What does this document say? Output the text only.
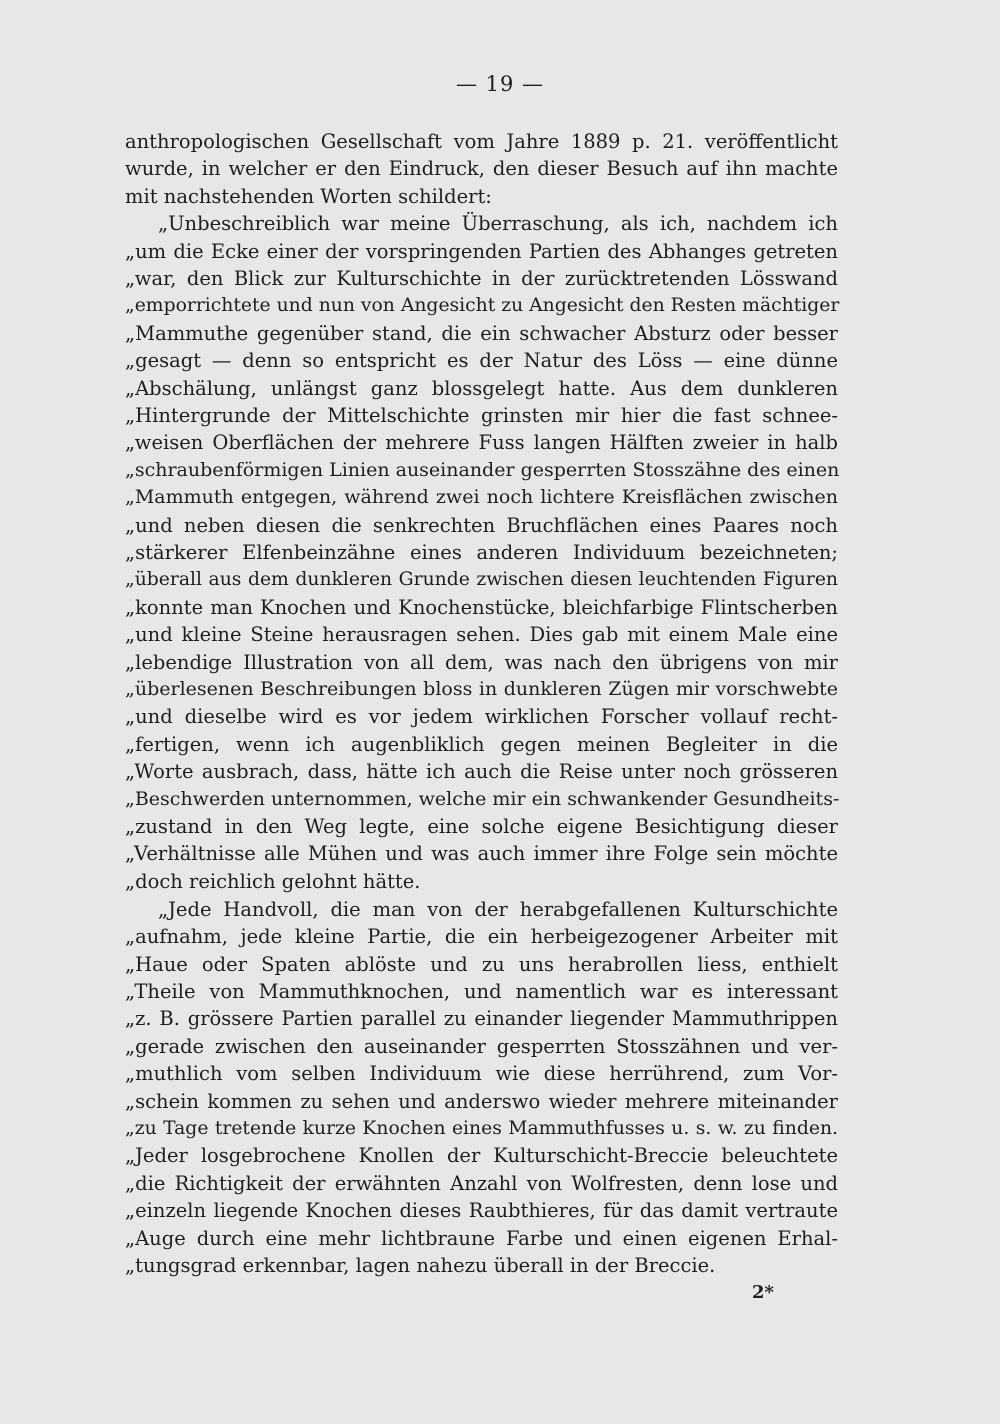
— 19 —
anthropologischen Gesellschaft vom Jahre 1889 p. 21. veröffentlicht
wurde, in welcher er den Eindruck, den dieser Besuch auf ihn machte
mit nachstehenden Worten schildert:
„Unbeschreiblich war meine Überraschung, als ich, nachdem ich
„um die Ecke einer der vorspringenden Partien des Abhanges getreten
„war, den Blick zur Kulturschichte in der zurücktretenden Lösswand
„emporrichtete und nun von Angesicht zu Angesicht den Resten mächtiger
„Mammuthe gegenüber stand, die ein schwacher Absturz oder besser
„gesagt — denn so entspricht es der Natur des Löss — eine dünne
„Abschälung, unlängst ganz blossgelegt hatte. Aus dem dunkleren
„Hintergrunde der Mittelschichte grinsten mir hier die fast schnee-
„weisen Oberflächen der mehrere Fuss langen Hälften zweier in halb
„schraubenförmigen Linien auseinander gesperrten Stosszähne des einen
„Mammuth entgegen, während zwei noch lichtere Kreisflächen zwischen
„und neben diesen die senkrechten Bruchflächen eines Paares noch
„stärkerer Elfenbeinzähne eines anderen Individuum bezeichneten;
„überall aus dem dunkleren Grunde zwischen diesen leuchtenden Figuren
„konnte man Knochen und Knochenstücke, bleichfarbige Flintscherben
„und kleine Steine herausragen sehen. Dies gab mit einem Male eine
„lebendige Illustration von all dem, was nach den übrigens von mir
„überlesenen Beschreibungen bloss in dunkleren Zügen mir vorschwebte
„und dieselbe wird es vor jedem wirklichen Forscher vollauf recht-
„fertigen, wenn ich augenbliklich gegen meinen Begleiter in die
„Worte ausbrach, dass, hätte ich auch die Reise unter noch grösseren
„Beschwerden unternommen, welche mir ein schwankender Gesundheits-
„zustand in den Weg legte, eine solche eigene Besichtigung dieser
„Verhältnisse alle Mühen und was auch immer ihre Folge sein möchte
„doch reichlich gelohnt hätte.
„Jede Handvoll, die man von der herabgefallenen Kulturschichte
„aufnahm, jede kleine Partie, die ein herbeigezogener Arbeiter mit
„Haue oder Spaten ablöste und zu uns herabrollen liess, enthielt
„Theile von Mammuthknochen, und namentlich war es interessant
„z. B. grössere Partien parallel zu einander liegender Mammuthrippen
„gerade zwischen den auseinander gesperrten Stosszähnen und ver-
„muthlich vom selben Individuum wie diese herrührend, zum Vor-
„schein kommen zu sehen und anderswo wieder mehrere miteinander
„zu Tage tretende kurze Knochen eines Mammuthfusses u. s. w. zu finden.
„Jeder losgebrochene Knollen der Kulturschicht-Breccie beleuchtete
„die Richtigkeit der erwähnten Anzahl von Wolfresten, denn lose und
„einzeln liegende Knochen dieses Raubthieres, für das damit vertraute
„Auge durch eine mehr lichtbraune Farbe und einen eigenen Erhal-
„tungsgrad erkennbar, lagen nahezu überall in der Breccie.
2*
